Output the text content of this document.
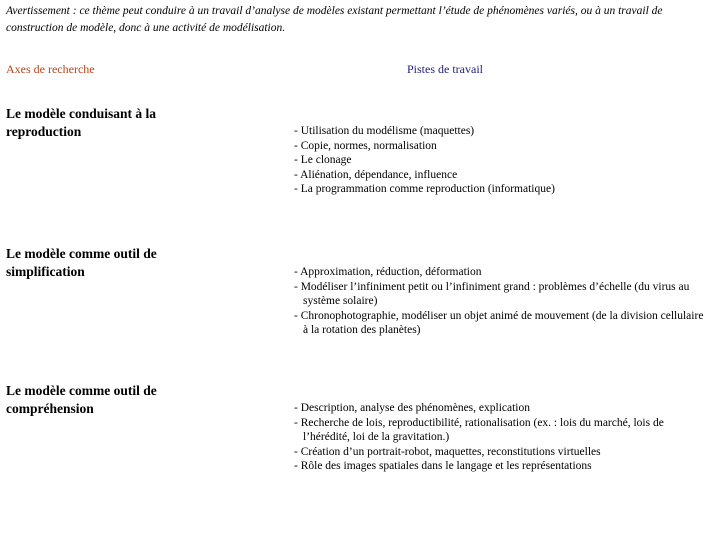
Avertissement : ce thème peut conduire à un travail d’analyse de modèles existant permettant l’étude de phénomènes variés, ou à un travail de construction de modèle, donc à une activité de modélisation.
Axes de recherche	Pistes de travail
Le modèle conduisant à la reproduction	- Utilisation du modélisme (maquettes)
- Copie, normes, normalisation
- Le clonage
- Aliénation, dépendance, influence
- La programmation comme reproduction (informatique)
Le modèle comme outil de simplification	- Approximation, réduction, déformation
- Modéliser l’infiniment petit ou l’infiniment grand : problèmes d’échelle (du virus au système solaire)
- Chronophotographie, modéliser un objet animé de mouvement (de la division cellulaire à la rotation des planètes)
Le modèle comme outil de compréhension	- Description, analyse des phénomènes, explication
- Recherche de lois, reproductibilité, rationalisation (ex. : lois du marché, lois de l’hérédité, loi de la gravitation.)
- Création d’un portrait-robot, maquettes, reconstitutions virtuelles
- Rôle des images spatiales dans le langage et les représentations
